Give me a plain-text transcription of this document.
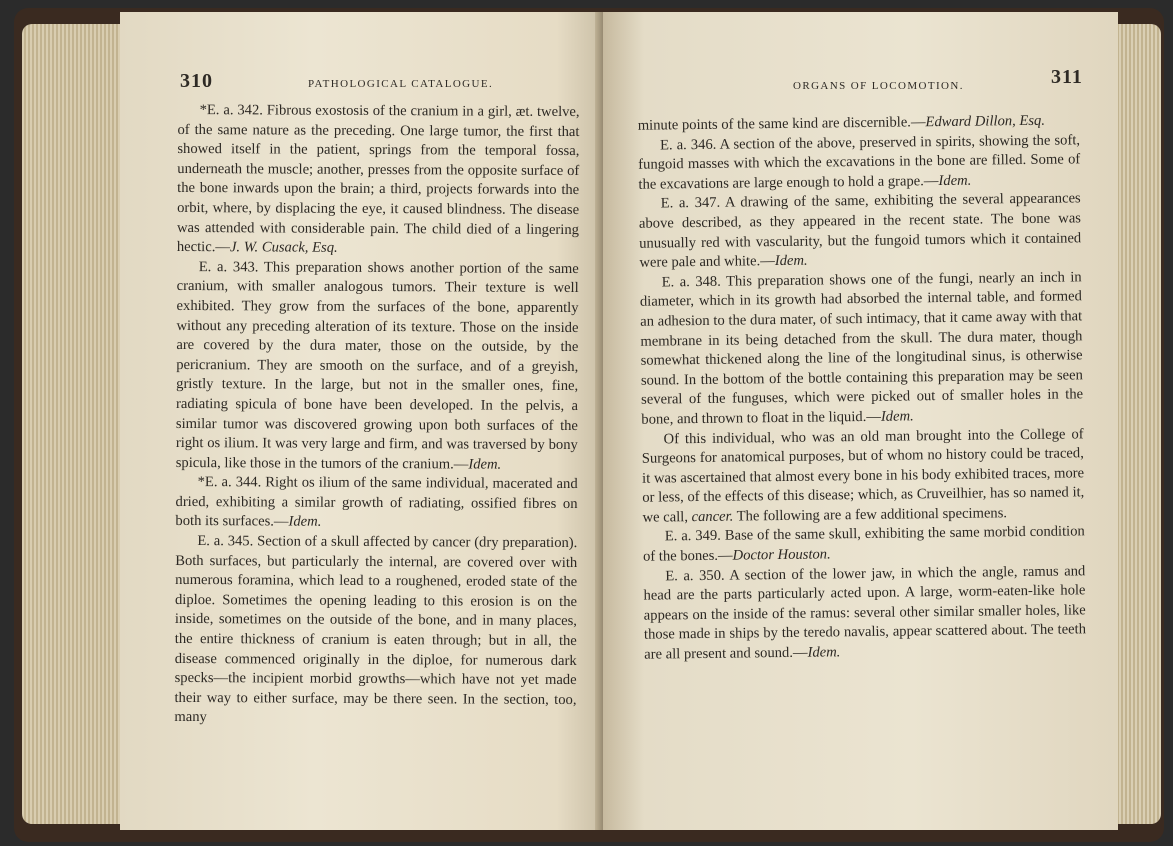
310	PATHOLOGICAL CATALOGUE.

*E. a. 342. Fibrous exostosis of the cranium in a girl, æt. twelve, of the same nature as the preceding. One large tumor, the first that showed itself in the patient, springs from the temporal fossa, underneath the muscle; another, presses from the opposite surface of the bone inwards upon the brain; a third, projects forwards into the orbit, where, by displacing the eye, it caused blindness. The disease was attended with considerable pain. The child died of a lingering hectic.—J. W. Cusack, Esq.

E. a. 343. This preparation shows another portion of the same cranium, with smaller analogous tumors. Their texture is well exhibited. They grow from the surfaces of the bone, apparently without any preceding alteration of its texture. Those on the inside are covered by the dura mater, those on the outside, by the pericranium. They are smooth on the surface, and of a greyish, gristly texture. In the large, but not in the smaller ones, fine, radiating spicula of bone have been developed. In the pelvis, a similar tumor was discovered growing upon both surfaces of the right os ilium. It was very large and firm, and was traversed by bony spicula, like those in the tumors of the cranium.—Idem.

*E. a. 344. Right os ilium of the same individual, macerated and dried, exhibiting a similar growth of radiating, ossified fibres on both its surfaces.—Idem.

E. a. 345. Section of a skull affected by cancer (dry preparation). Both surfaces, but particularly the internal, are covered over with numerous foramina, which lead to a roughened, eroded state of the diploe. Sometimes the opening leading to this erosion is on the inside, sometimes on the outside of the bone, and in many places, the entire thickness of cranium is eaten through; but in all, the disease commenced originally in the diploe, for numerous dark specks—the incipient morbid growths—which have not yet made their way to either surface, may be there seen. In the section, too, many

ORGANS OF LOCOMOTION.	311

minute points of the same kind are discernible.—Edward Dillon, Esq.

E. a. 346. A section of the above, preserved in spirits, showing the soft, fungoid masses with which the excavations in the bone are filled. Some of the excavations are large enough to hold a grape.—Idem.

E. a. 347. A drawing of the same, exhibiting the several appearances above described, as they appeared in the recent state. The bone was unusually red with vascularity, but the fungoid tumors which it contained were pale and white.—Idem.

E. a. 348. This preparation shows one of the fungi, nearly an inch in diameter, which in its growth had absorbed the internal table, and formed an adhesion to the dura mater, of such intimacy, that it came away with that membrane in its being detached from the skull. The dura mater, though somewhat thickened along the line of the longitudinal sinus, is otherwise sound. In the bottom of the bottle containing this preparation may be seen several of the funguses, which were picked out of smaller holes in the bone, and thrown to float in the liquid.—Idem.

Of this individual, who was an old man brought into the College of Surgeons for anatomical purposes, but of whom no history could be traced, it was ascertained that almost every bone in his body exhibited traces, more or less, of the effects of this disease; which, as Cruveilhier, has so named it, we call, cancer. The following are a few additional specimens.

E. a. 349. Base of the same skull, exhibiting the same morbid condition of the bones.—Doctor Houston.

E. a. 350. A section of the lower jaw, in which the angle, ramus and head are the parts particularly acted upon. A large, worm-eaten-like hole appears on the inside of the ramus: several other similar smaller holes, like those made in ships by the teredo navalis, appear scattered about. The teeth are all present and sound.—Idem.
